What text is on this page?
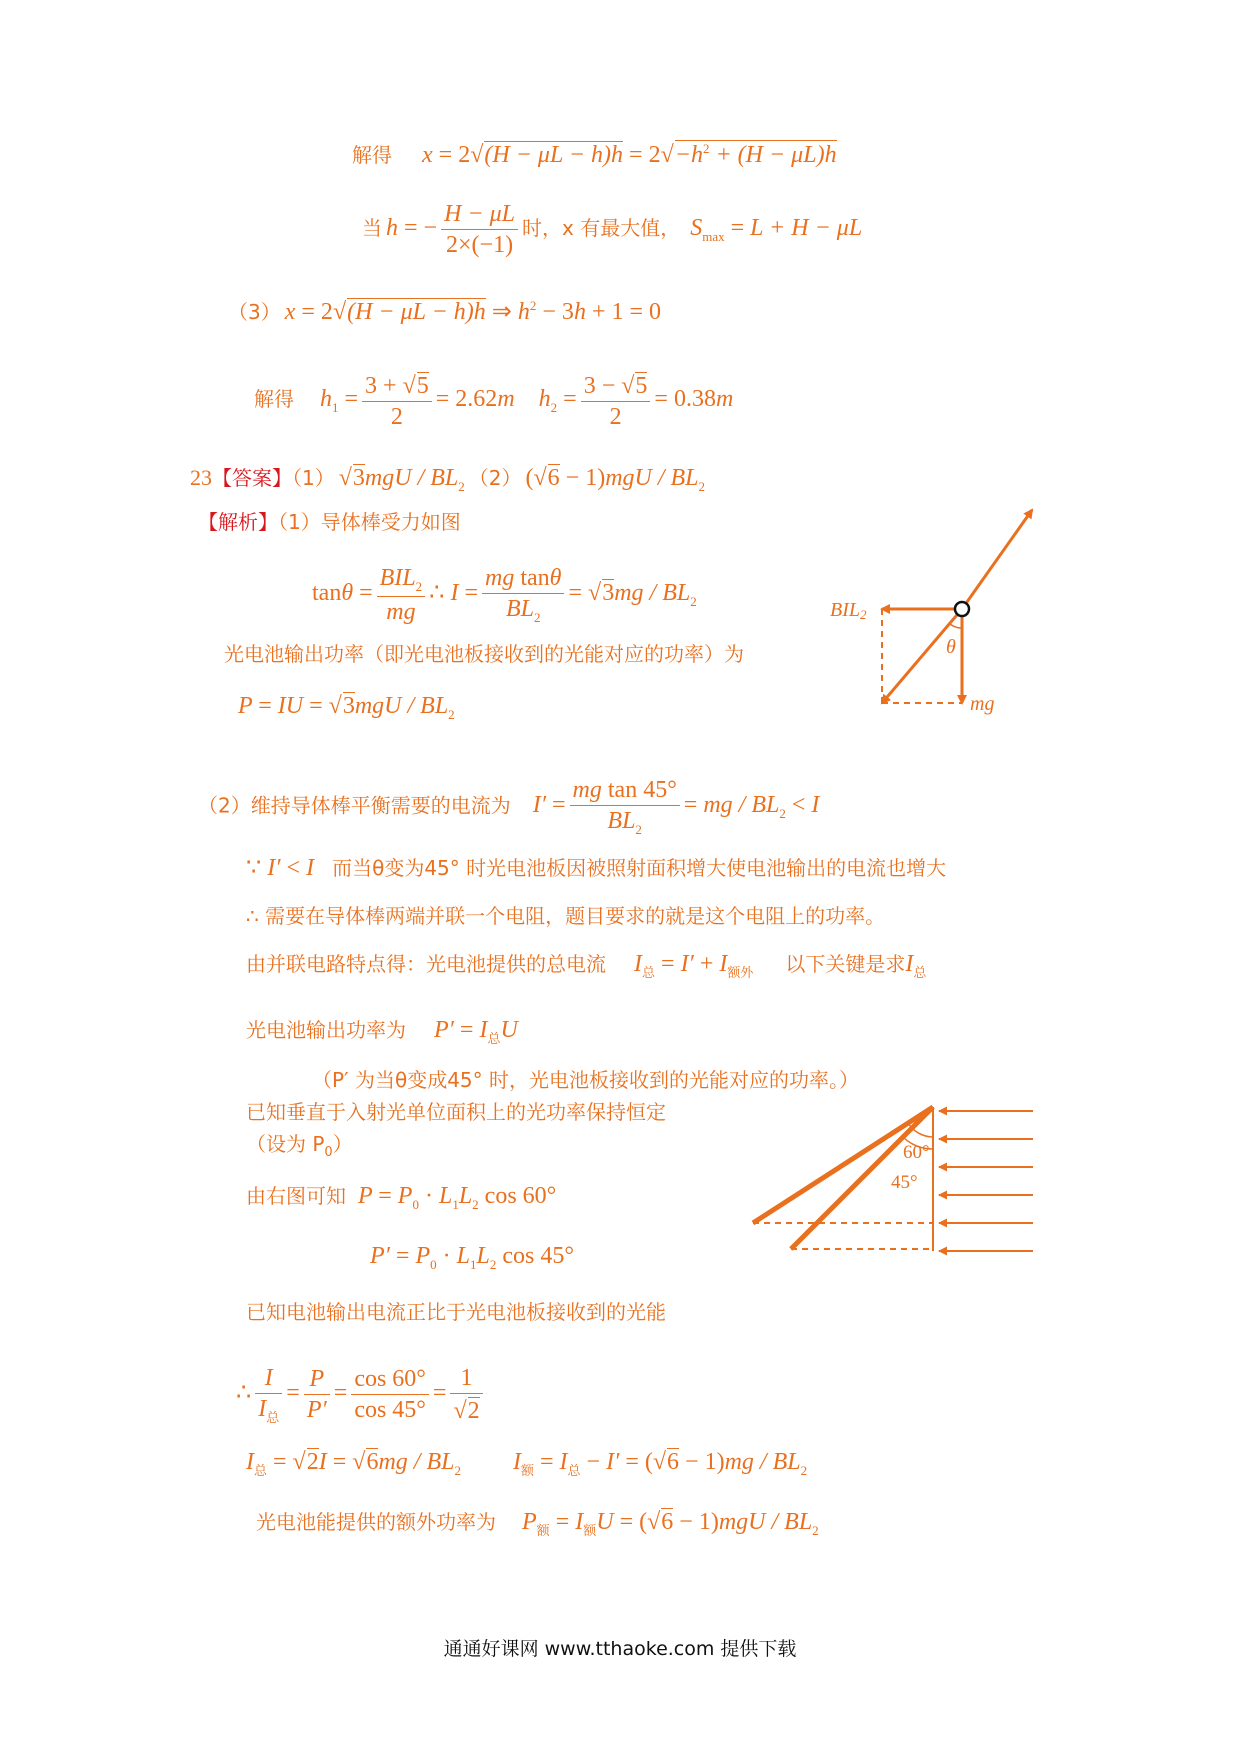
解得 $x = 2√(H - \mu L - h)h = 2√-h^2 + (H - \mu L)h$
当 h = − $\frac{H - \mu L}{2\times(-1)}$ 时，x 有最大值， $S_{max} = L + H - \mu L$
（3） x = 2√(H − μL − h)h ⇒ $h^2 - 3h + 1 = 0$
解得 $h_1 = \frac{3 + √5}{2} = 2.62m$    $h_2 = \frac{3 - √5}{2} = 0.38m$
23【答案】（1） $√3mgU / BL_2$ （2） $(√6 - 1)mgU / BL_2$
【解析】（1）导体棒受力如图
$\tan\theta = \frac{BIL_2}{mg}$ ∴ $I = \frac{\text{mg tanθ}}{BL_2} = √3mg / BL_2$
光电池输出功率（即光电池板接收到的光能对应的功率）为
P = IU = $√3mgU / BL_2$
θ
BIL2
mg
（2）维持导体棒平衡需要的电流为 $I' = \frac{\text{mg tan 45°}}{BL_2}$ = mg / $BL_2 < I$
∵ I′ < I 而当θ变为45° 时光电池板因被照射面积增大使电池输出的电流也增大
∴ 需要在导体棒两端并联一个电阻，题目要求的就是这个电阻上的功率。
由并联电路特点得：光电池提供的总电流 $I_总 = I' + I_{额外}$ 以下关键是求$I_总$
光电池输出功率为 $P' = I_总U$
（P′ 为当θ变成45° 时，光电池板接收到的光能对应的功率。）
已知垂直于入射光单位面积上的光功率保持恒定
（设为 $P_0$）
由右图可知 $P = P_0 \cdot L_1L_2$ cos 60°
$P' = P_0 \cdot L_1L_2$ cos 45°
60°
45°
已知电池输出电流正比于光电池板接收到的光能
∴ $\frac{I}{I_总} = \frac{P}{P'} = \frac{\cos 60^\circ}{\cos 45^\circ} = \frac{1}{√2}$
$I_总 = √2I = √6mg / BL_2$ $I_额 = I_总 - I' = (√6 - 1)mg / BL_2$
光电池能提供的额外功率为 $P_额 = I_额U = (√6 - 1)mgU / BL_2$
通通好课网 www.tthaoke.com 提供下载
